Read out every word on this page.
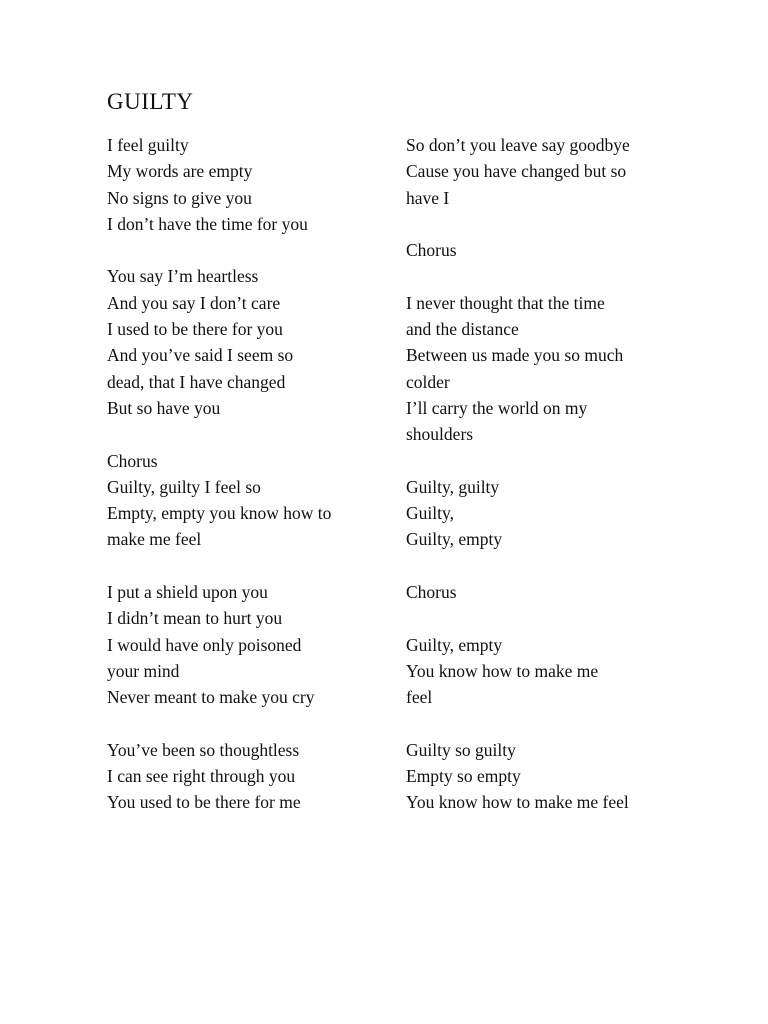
GUILTY
I feel guilty
My words are empty
No signs to give you
I don’t have the time for you
You say I’m heartless
And you say I don’t care
I used to be there for you
And you’ve said I seem so
dead, that I have changed
But so have you
Chorus
Guilty, guilty I feel so
Empty, empty you know how to
make me feel
I put a shield upon you
I didn’t mean to hurt you
I would have only poisoned
your mind
Never meant to make you cry
You’ve been so thoughtless
I can see right through you
You used to be there for me
So don’t you leave say goodbye
Cause you have changed but so
have I
Chorus
I never thought that the time
and the distance
Between us made you so much
colder
I’ll carry the world on my
shoulders
Guilty, guilty
Guilty,
Guilty, empty
Chorus
Guilty, empty
You know how to make me
feel
Guilty so guilty
Empty so empty
You know how to make me feel
